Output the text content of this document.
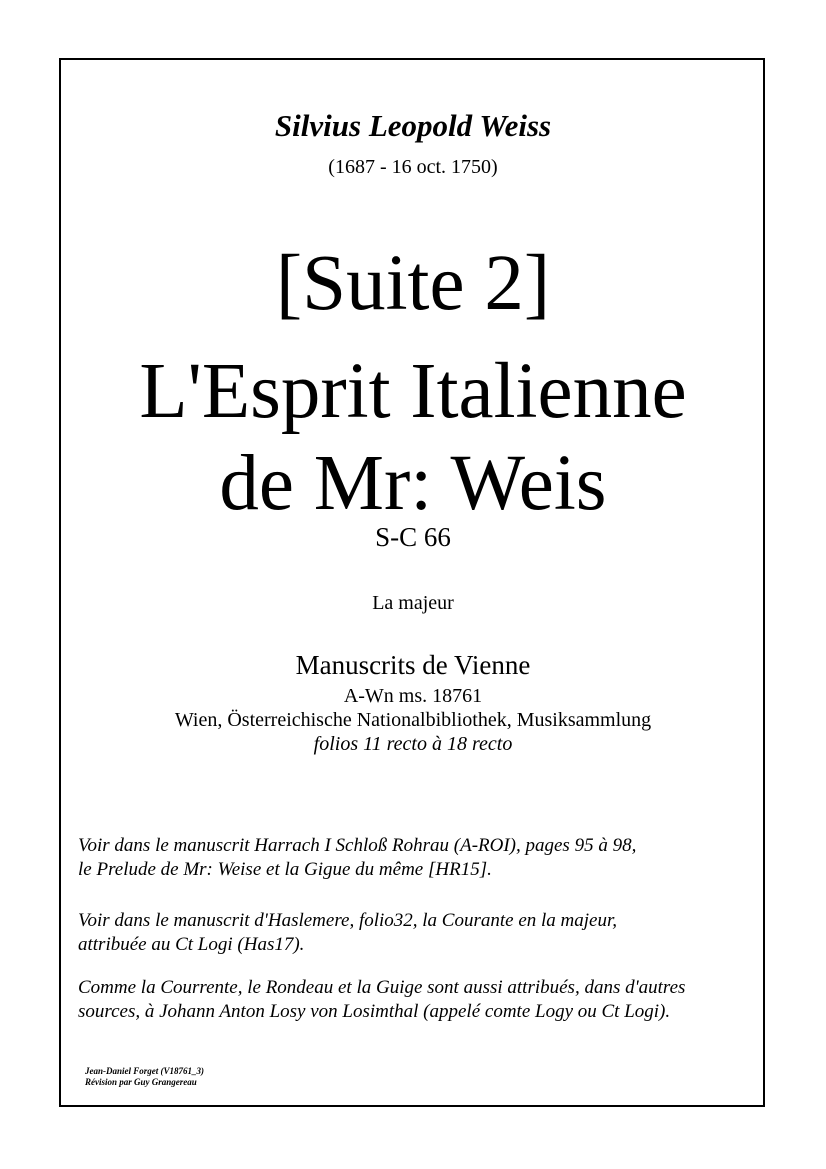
Silvius Leopold Weiss
(1687 - 16 oct. 1750)
[Suite 2]
L'Esprit Italienne
de Mr: Weis
S-C 66
La majeur
Manuscrits de Vienne
A-Wn ms. 18761
Wien, Österreichische Nationalbibliothek, Musiksammlung
folios 11 recto à 18 recto
Voir dans le manuscrit Harrach I Schloß Rohrau (A-ROI), pages 95 à 98,
le Prelude de Mr: Weise et la Gigue du même [HR15].
Voir dans le manuscrit d'Haslemere, folio32, la Courante en la majeur,
attribuée au Ct Logi (Has17).
Comme la Courrente, le Rondeau et la Guige sont aussi attribués, dans d'autres
sources, à Johann Anton Losy von Losimthal (appelé comte Logy ou Ct Logi).
Jean-Daniel Forget (V18761_3)
Révision par Guy Grangereau
